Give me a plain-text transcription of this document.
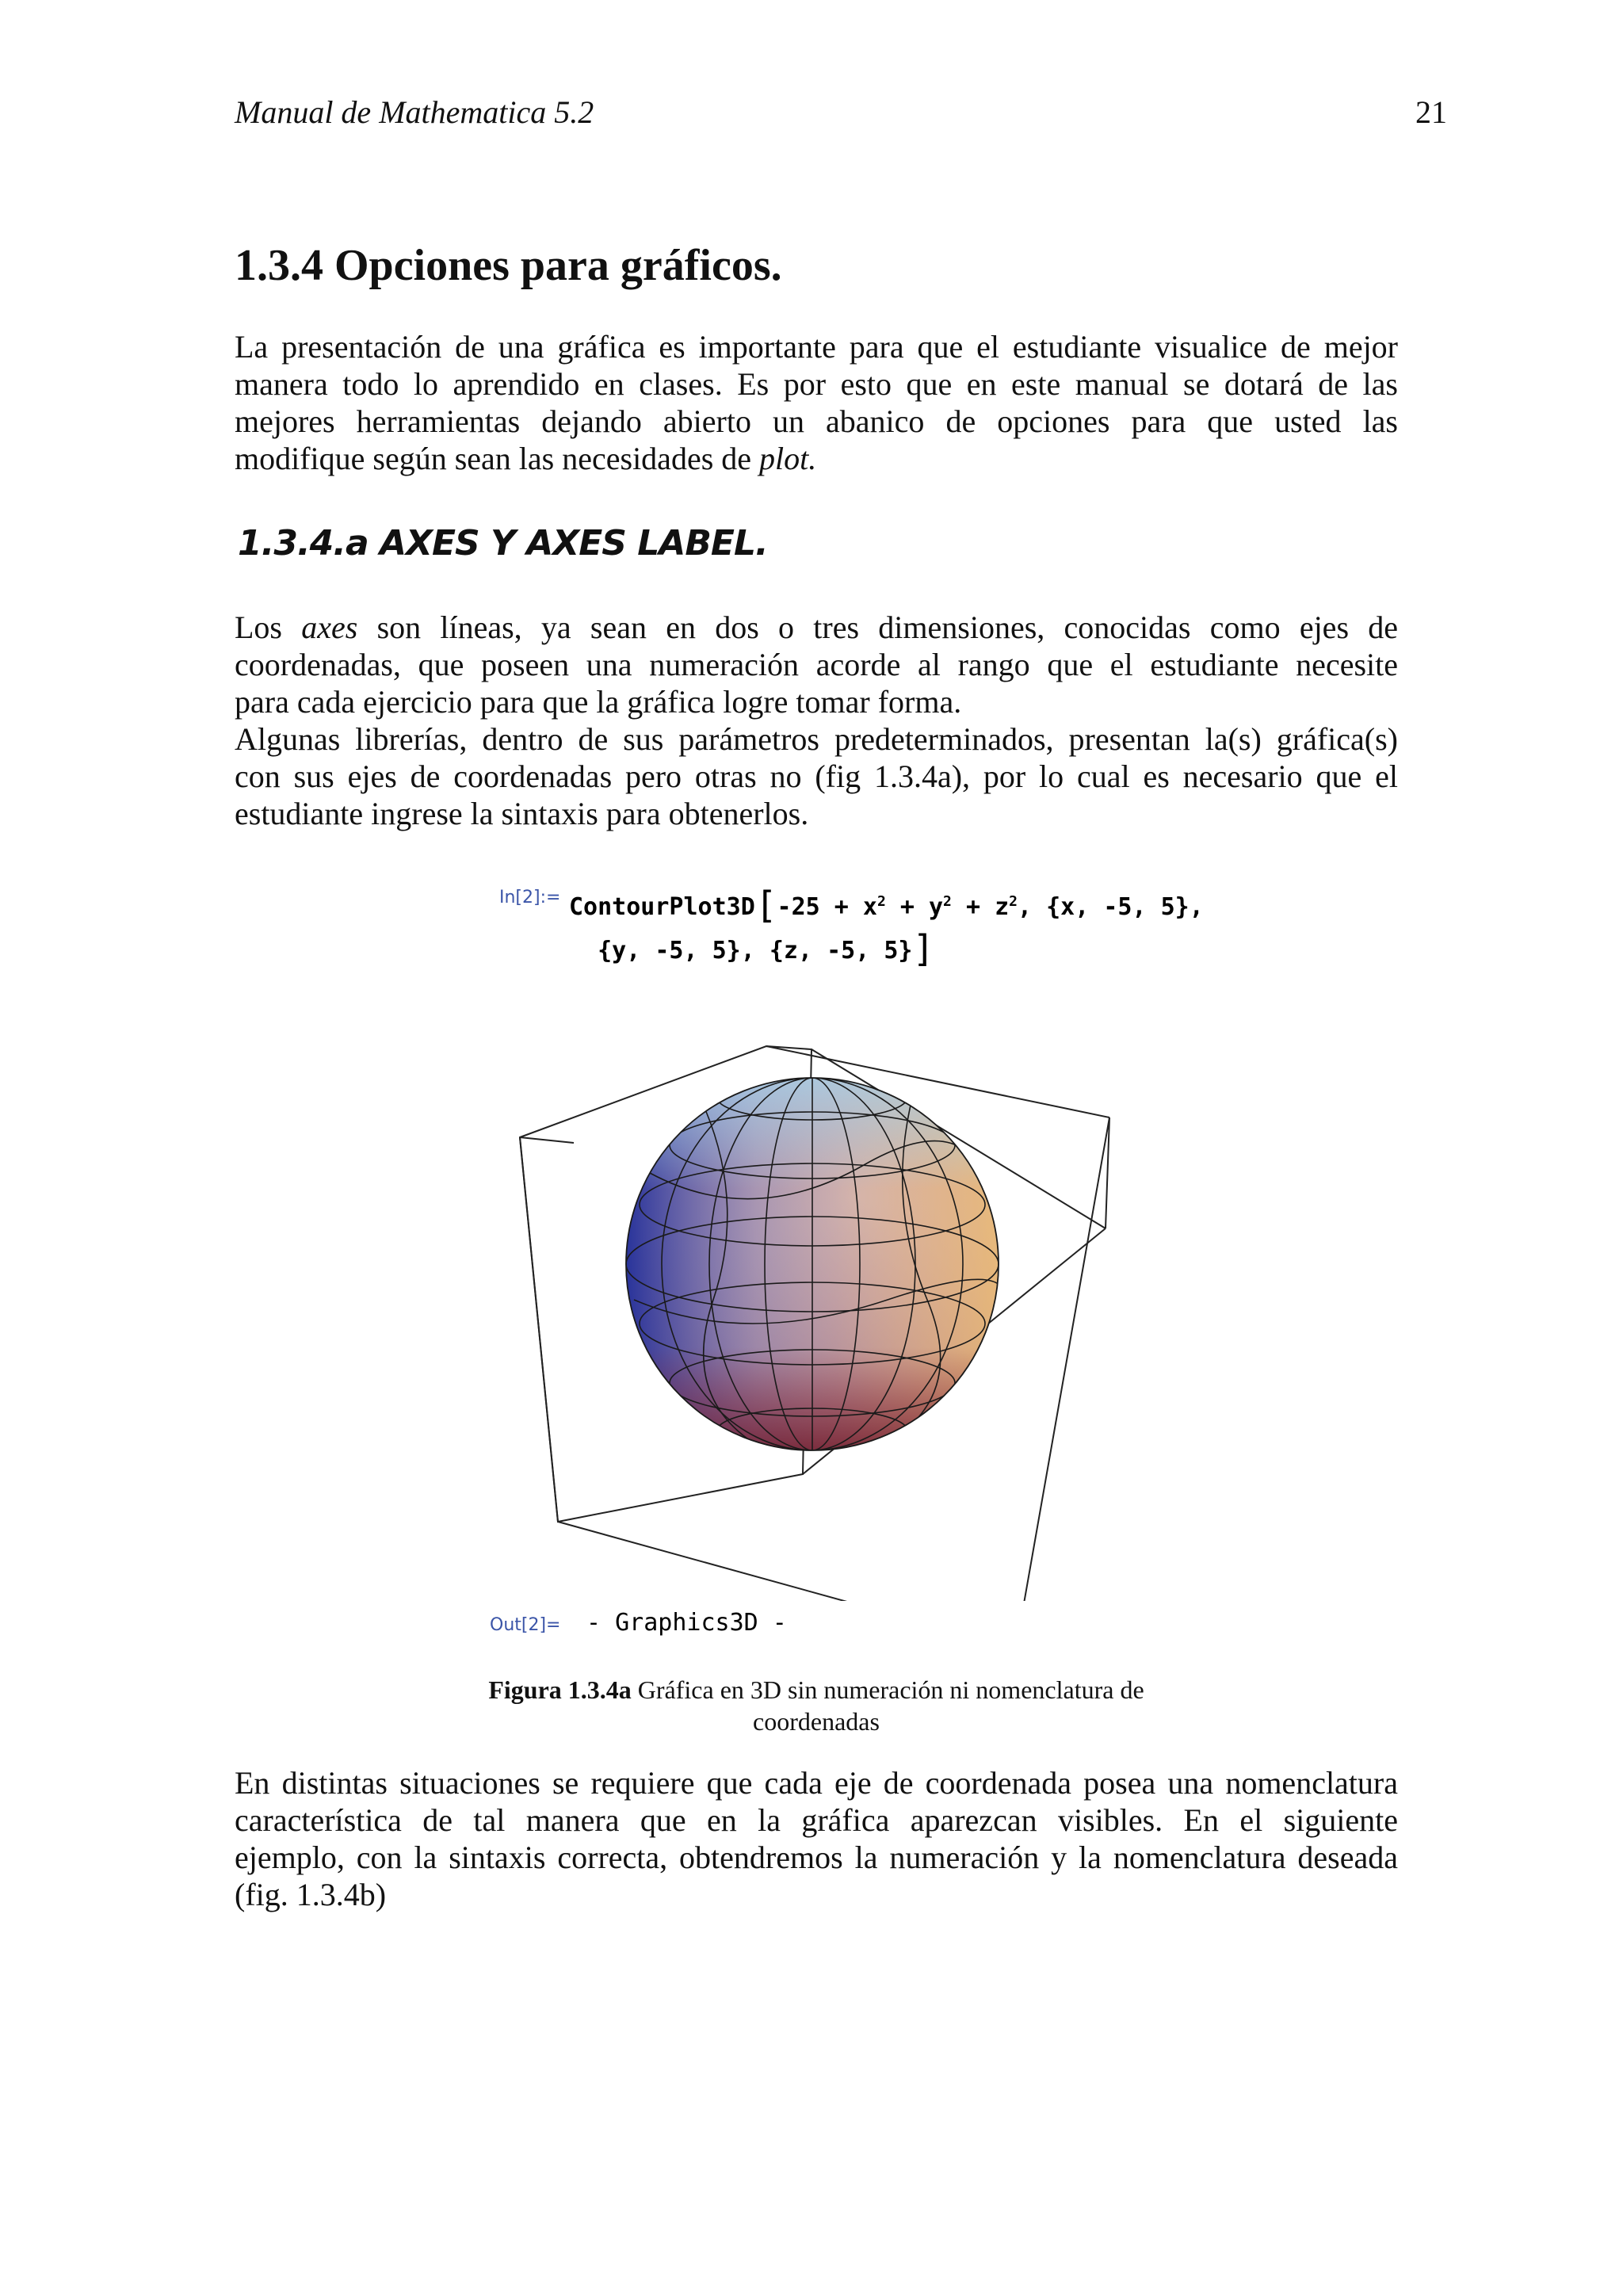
Manual de Mathematica 5.2	21
1.3.4 Opciones para gráficos.

La presentación de una gráfica es importante para que el estudiante visualice de mejor
manera todo lo aprendido en clases. Es por esto que en este manual se dotará de las
mejores herramientas dejando abierto un abanico de opciones para que usted las
modifique según sean las necesidades de plot.

1.3.4.a AXES Y AXES LABEL.

Los axes son líneas, ya sean en dos o tres dimensiones, conocidas como ejes de
coordenadas, que poseen una numeración acorde al rango que el estudiante necesite
para cada ejercicio para que la gráfica logre tomar forma.
Algunas librerías, dentro de sus parámetros predeterminados, presentan la(s) gráfica(s)
con sus ejes de coordenadas pero otras no (fig 1.3.4a), por lo cual es necesario que el
estudiante ingrese la sintaxis para obtenerlos.

In[2]:= ContourPlot3D[-25 + $x^2 + y^2 + z^2$, {x, -5, 5},
{y, -5, 5}, {z, -5, 5}]
Out[2]= - Graphics3D -
Figura 1.3.4a Gráfica en 3D sin numeración ni nomenclatura de
coordenadas

En distintas situaciones se requiere que cada eje de coordenada posea una nomenclatura
característica de tal manera que en la gráfica aparezcan visibles. En el siguiente
ejemplo, con la sintaxis correcta, obtendremos la numeración y la nomenclatura deseada
(fig. 1.3.4b)
